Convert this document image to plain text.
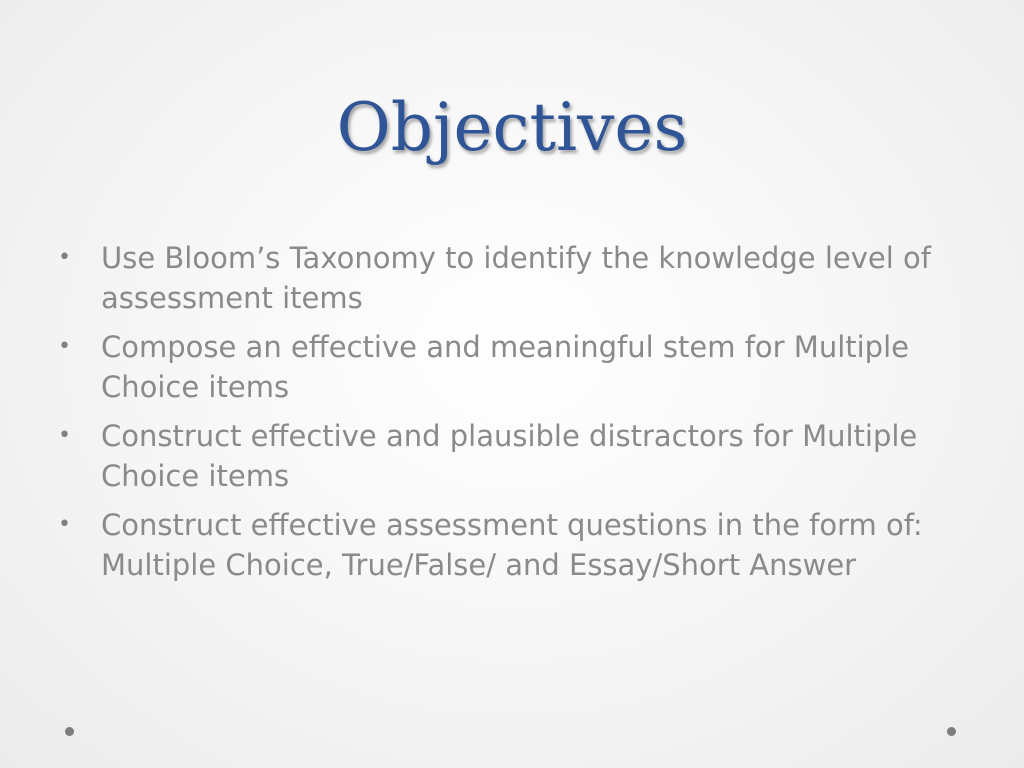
Objectives
• Use Bloom’s Taxonomy to identify the knowledge level of assessment items
• Compose an effective and meaningful stem for Multiple Choice items
• Construct effective and plausible distractors for Multiple Choice items
• Construct effective assessment questions in the form of: Multiple Choice, True/False/ and Essay/Short Answer
